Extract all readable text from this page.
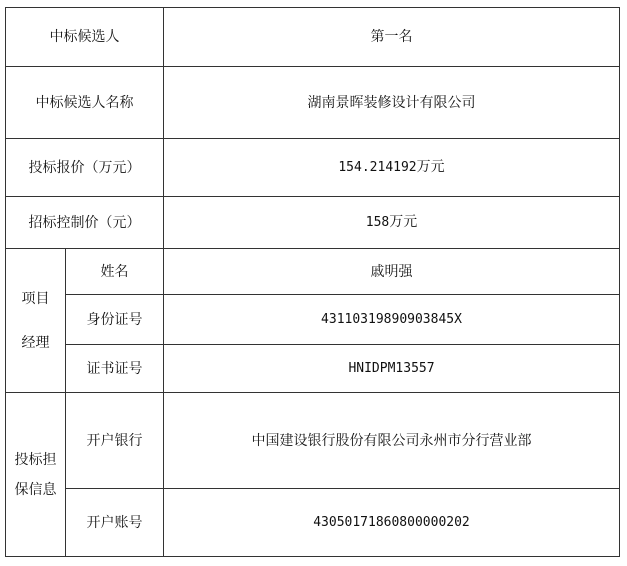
中标候选人		第一名
中标候选人名称		湖南景晖装修设计有限公司
投标报价（万元）		154.214192万元
招标控制价（元）		158万元

项目
经理	姓名	戚明强
	身份证号	43110319890903845X
	证书证号	HNIDPM13557

投标担
保信息	开户银行	中国建设银行股份有限公司永州市分行营业部
	开户账号	43050171860800000202
